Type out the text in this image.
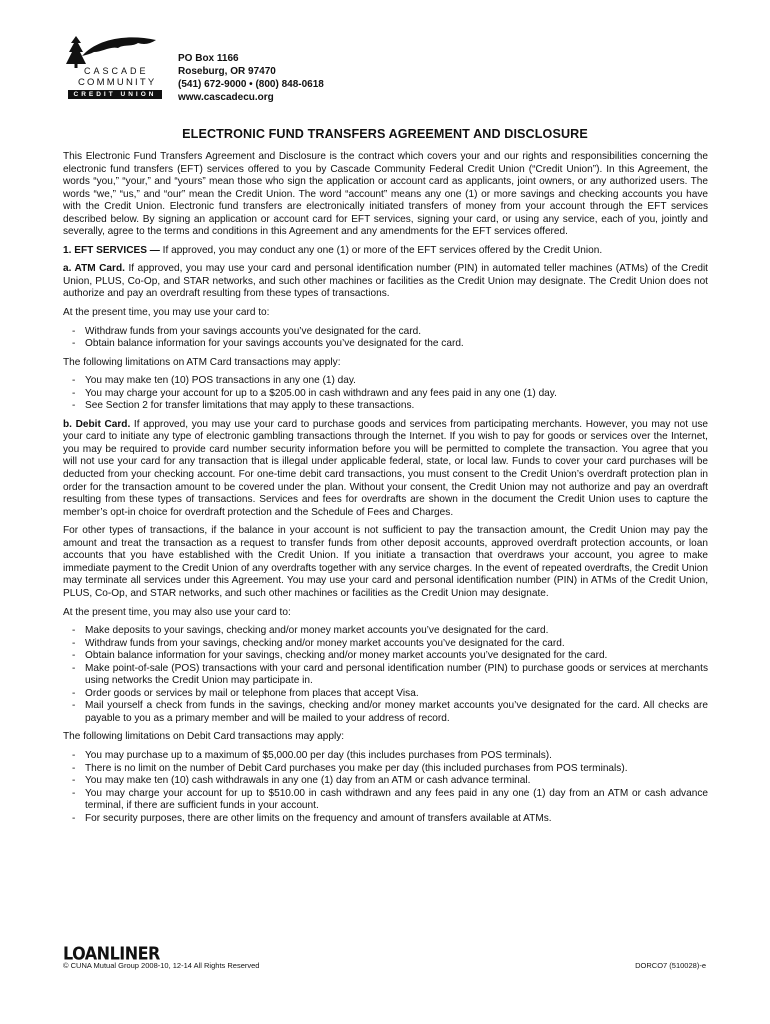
CASCADE
COMMUNITY
CREDIT UNION
PO Box 1166
Roseburg, OR 97470
(541) 672-9000 • (800) 848-0618
www.cascadecu.org
ELECTRONIC FUND TRANSFERS AGREEMENT AND DISCLOSURE

This Electronic Fund Transfers Agreement and Disclosure is the contract which covers your and our rights and responsibilities concerning the electronic fund transfers (EFT) services offered to you by Cascade Community Federal Credit Union (“Credit Union”). In this Agreement, the words “you,” “your,” and “yours” mean those who sign the application or account card as applicants, joint owners, or any authorized users. The words “we,” “us,” and “our” mean the Credit Union. The word “account” means any one (1) or more savings and checking accounts you have with the Credit Union. Electronic fund transfers are electronically initiated transfers of money from your account through the EFT services described below. By signing an application or account card for EFT services, signing your card, or using any service, each of you, jointly and severally, agree to the terms and conditions in this Agreement and any amendments for the EFT services offered.

1. EFT SERVICES — If approved, you may conduct any one (1) or more of the EFT services offered by the Credit Union.

a. ATM Card. If approved, you may use your card and personal identification number (PIN) in automated teller machines (ATMs) of the Credit Union, PLUS, Co-Op, and STAR networks, and such other machines or facilities as the Credit Union may designate. The Credit Union does not authorize and pay an overdraft resulting from these types of transactions.

At the present time, you may use your card to:

- Withdraw funds from your savings accounts you’ve designated for the card.
- Obtain balance information for your savings accounts you’ve designated for the card.

The following limitations on ATM Card transactions may apply:

- You may make ten (10) POS transactions in any one (1) day.
- You may charge your account for up to a $205.00 in cash withdrawn and any fees paid in any one (1) day.
- See Section 2 for transfer limitations that may apply to these transactions.

b. Debit Card. If approved, you may use your card to purchase goods and services from participating merchants. However, you may not use your card to initiate any type of electronic gambling transactions through the Internet. If you wish to pay for goods or services over the Internet, you may be required to provide card number security information before you will be permitted to complete the transaction. You agree that you will not use your card for any transaction that is illegal under applicable federal, state, or local law. Funds to cover your card purchases will be deducted from your checking account. For one-time debit card transactions, you must consent to the Credit Union’s overdraft protection plan in order for the transaction amount to be covered under the plan. Without your consent, the Credit Union may not authorize and pay an overdraft resulting from these types of transactions. Services and fees for overdrafts are shown in the document the Credit Union uses to capture the member’s opt-in choice for overdraft protection and the Schedule of Fees and Charges.

For other types of transactions, if the balance in your account is not sufficient to pay the transaction amount, the Credit Union may pay the amount and treat the transaction as a request to transfer funds from other deposit accounts, approved overdraft protection accounts, or loan accounts that you have established with the Credit Union. If you initiate a transaction that overdraws your account, you agree to make immediate payment to the Credit Union of any overdrafts together with any service charges. In the event of repeated overdrafts, the Credit Union may terminate all services under this Agreement. You may use your card and personal identification number (PIN) in ATMs of the Credit Union, PLUS, Co-Op, and STAR networks, and such other machines or facilities as the Credit Union may designate.

At the present time, you may also use your card to:

- Make deposits to your savings, checking and/or money market accounts you’ve designated for the card.
- Withdraw funds from your savings, checking and/or money market accounts you’ve designated for the card.
- Obtain balance information for your savings, checking and/or money market accounts you’ve designated for the card.
- Make point-of-sale (POS) transactions with your card and personal identification number (PIN) to purchase goods or services at merchants using networks the Credit Union may participate in.
- Order goods or services by mail or telephone from places that accept Visa.
- Mail yourself a check from funds in the savings, checking and/or money market accounts you’ve designated for the card. All checks are payable to you as a primary member and will be mailed to your address of record.

The following limitations on Debit Card transactions may apply:

- You may purchase up to a maximum of $5,000.00 per day (this includes purchases from POS terminals).
- There is no limit on the number of Debit Card purchases you make per day (this included purchases from POS terminals).
- You may make ten (10) cash withdrawals in any one (1) day from an ATM or cash advance terminal.
- You may charge your account for up to $510.00 in cash withdrawn and any fees paid in any one (1) day from an ATM or cash advance terminal, if there are sufficient funds in your account.
- For security purposes, there are other limits on the frequency and amount of transfers available at ATMs.
LOANLINER
© CUNA Mutual Group 2008-10, 12-14 All Rights Reserved	DORCO7 (510028)-e
